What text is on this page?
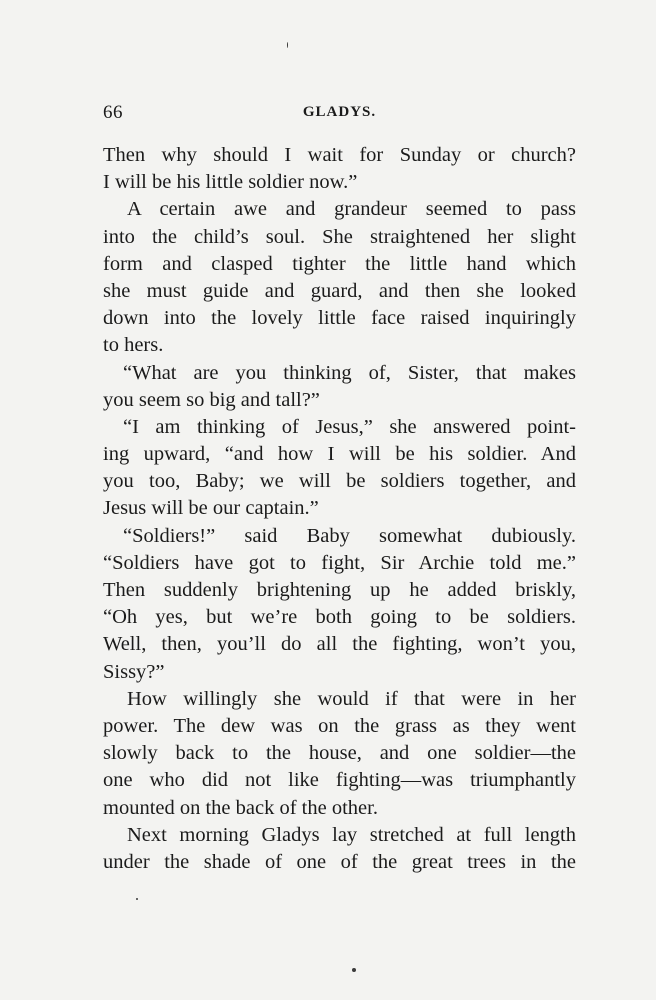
66	GLADYS.
Then why should I wait for Sunday or church?
I will be his little soldier now.”
A certain awe and grandeur seemed to pass
into the child’s soul. She straightened her slight
form and clasped tighter the little hand which
she must guide and guard, and then she looked
down into the lovely little face raised inquiringly
to hers.
“What are you thinking of, Sister, that makes
you seem so big and tall?”
“I am thinking of Jesus,” she answered point-
ing upward, “and how I will be his soldier. And
you too, Baby; we will be soldiers together, and
Jesus will be our captain.”
“Soldiers!” said Baby somewhat dubiously.
“Soldiers have got to fight, Sir Archie told me.”
Then suddenly brightening up he added briskly,
“Oh yes, but we’re both going to be soldiers.
Well, then, you’ll do all the fighting, won’t you,
Sissy?”
How willingly she would if that were in her
power. The dew was on the grass as they went
slowly back to the house, and one soldier—the
one who did not like fighting—was triumphantly
mounted on the back of the other.
Next morning Gladys lay stretched at full length
under the shade of one of the great trees in the
